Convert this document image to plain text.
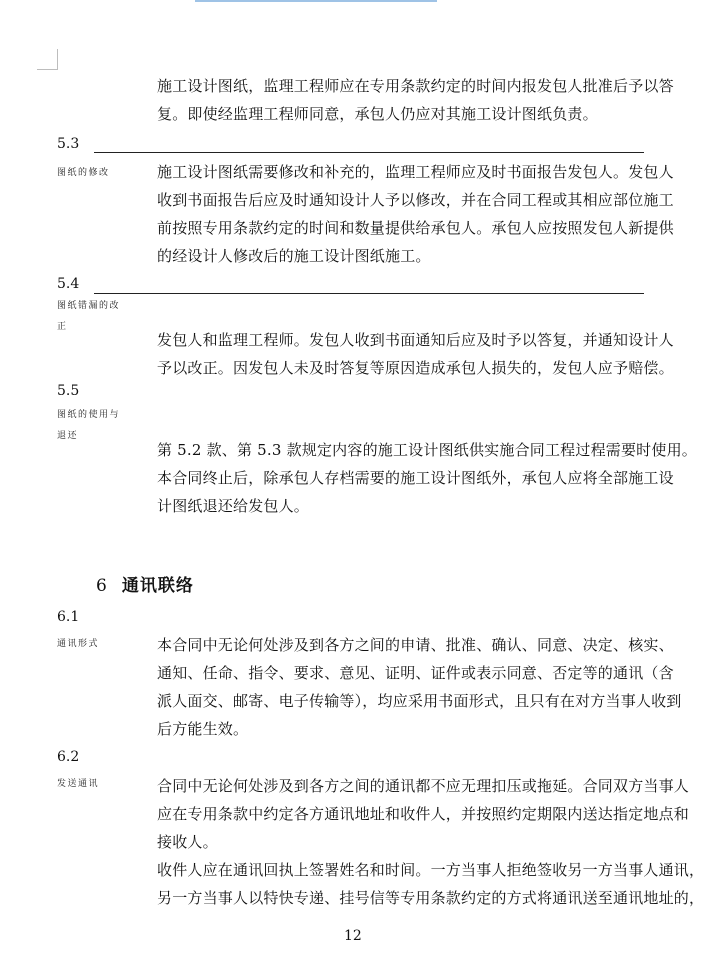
施工设计图纸，监理工程师应在专用条款约定的时间内报发包人批准后予以答
复。即使经监理工程师同意，承包人仍应对其施工设计图纸负责。
5.3
图纸的修改	施工设计图纸需要修改和补充的，监理工程师应及时书面报告发包人。发包人
收到书面报告后应及时通知设计人予以修改，并在合同工程或其相应部位施工
前按照专用条款约定的时间和数量提供给承包人。承包人应按照发包人新提供
的经设计人修改后的施工设计图纸施工。
5.4
图纸错漏的改
正
发包人和监理工程师。发包人收到书面通知后应及时予以答复，并通知设计人
予以改正。因发包人未及时答复等原因造成承包人损失的，发包人应予赔偿。
5.5
图纸的使用与
退还
第 5.2 款、第 5.3 款规定内容的施工设计图纸供实施合同工程过程需要时使用。
本合同终止后，除承包人存档需要的施工设计图纸外，承包人应将全部施工设
计图纸退还给发包人。
6 通讯联络
6.1
通讯形式	本合同中无论何处涉及到各方之间的申请、批准、确认、同意、决定、核实、
通知、任命、指令、要求、意见、证明、证件或表示同意、否定等的通讯（含
派人面交、邮寄、电子传输等），均应采用书面形式，且只有在对方当事人收到
后方能生效。
6.2
发送通讯	合同中无论何处涉及到各方之间的通讯都不应无理扣压或拖延。合同双方当事人
应在专用条款中约定各方通讯地址和收件人，并按照约定期限内送达指定地点和
接收人。
收件人应在通讯回执上签署姓名和时间。一方当事人拒绝签收另一方当事人通讯，
另一方当事人以特快专递、挂号信等专用条款约定的方式将通讯送至通讯地址的，
12
